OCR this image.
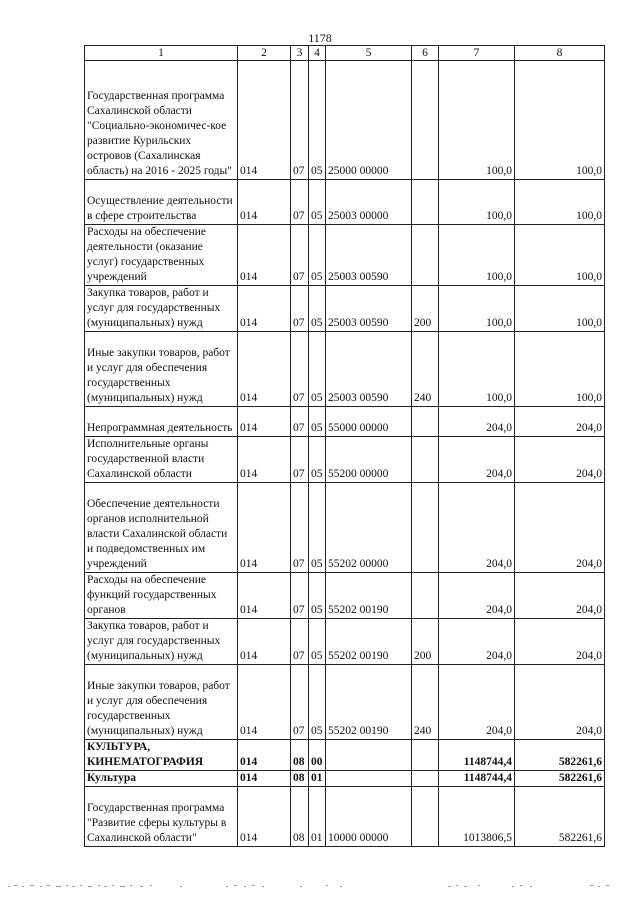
1178
1	2	3	4	5	6	7	8
Государственная программа Сахалинской области "Социально-экономичес-кое развитие Курильских островов (Сахалинская область) на 2016 - 2025 годы"	014	07	05	25000 00000		100,0	100,0
Осуществление деятельности в сфере строительства	014	07	05	25003 00000		100,0	100,0
Расходы на обеспечение деятельности (оказание услуг) государственных учреждений	014	07	05	25003 00590		100,0	100,0
Закупка товаров, работ и услуг для государственных (муниципальных) нужд	014	07	05	25003 00590	200	100,0	100,0
Иные закупки товаров, работ и услуг для обеспечения государственных (муниципальных) нужд	014	07	05	25003 00590	240	100,0	100,0
Непрограммная деятельность	014	07	05	55000 00000		204,0	204,0
Исполнительные органы государственной власти Сахалинской области	014	07	05	55200 00000		204,0	204,0
Обеспечение деятельности органов исполнительной власти Сахалинской области и подведомственных им учреждений	014	07	05	55202 00000		204,0	204,0
Расходы на обеспечение функций государственных органов	014	07	05	55202 00190		204,0	204,0
Закупка товаров, работ и услуг для государственных (муниципальных) нужд	014	07	05	55202 00190	200	204,0	204,0
Иные закупки товаров, работ и услуг для обеспечения государственных (муниципальных) нужд	014	07	05	55202 00190	240	204,0	204,0
КУЛЬТУРА, КИНЕМАТОГРАФИЯ	014	08	00			1148744,4	582261,6
Культура	014	08	01			1148744,4	582261,6
Государственная программа "Развитие сферы культуры в Сахалинской области"	014	08	01	10000 00000		1013806,5	582261,6
